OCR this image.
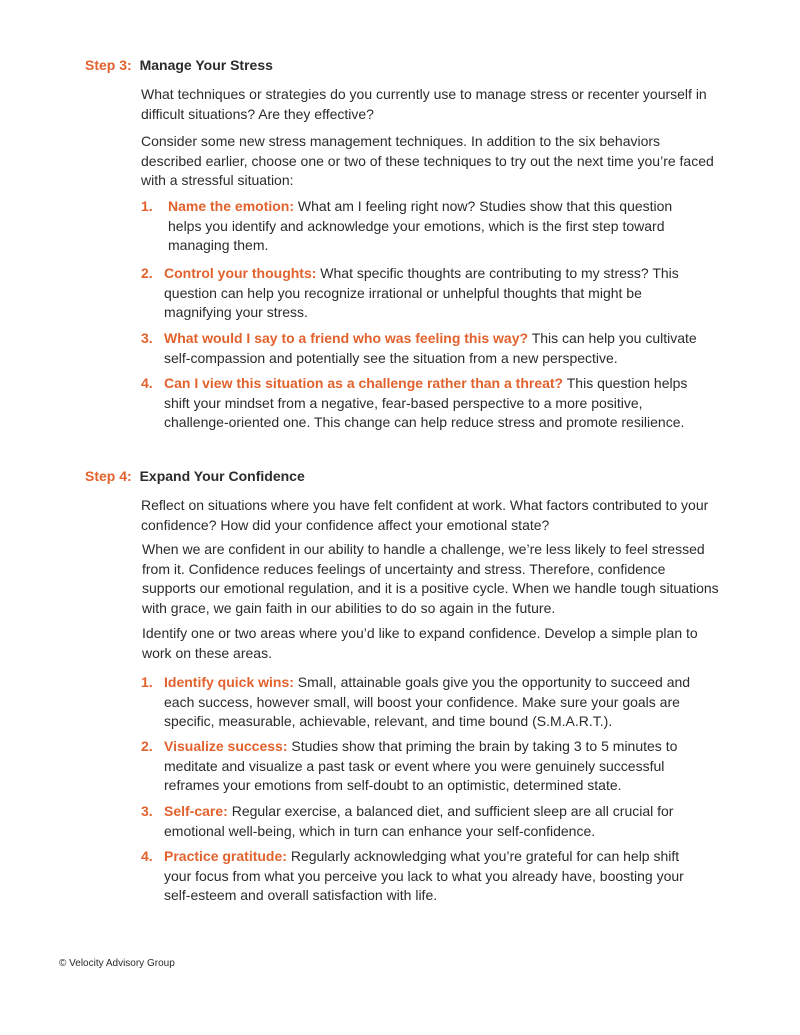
Step 3: Manage Your Stress

What techniques or strategies do you currently use to manage stress or recenter yourself in difficult situations? Are they effective?

Consider some new stress management techniques. In addition to the six behaviors described earlier, choose one or two of these techniques to try out the next time you’re faced with a stressful situation:

1. Name the emotion: What am I feeling right now? Studies show that this question helps you identify and acknowledge your emotions, which is the first step toward managing them.
2. Control your thoughts: What specific thoughts are contributing to my stress? This question can help you recognize irrational or unhelpful thoughts that might be magnifying your stress.
3. What would I say to a friend who was feeling this way? This can help you cultivate self-compassion and potentially see the situation from a new perspective.
4. Can I view this situation as a challenge rather than a threat? This question helps shift your mindset from a negative, fear-based perspective to a more positive, challenge-oriented one. This change can help reduce stress and promote resilience.
Step 4: Expand Your Confidence

Reflect on situations where you have felt confident at work. What factors contributed to your confidence? How did your confidence affect your emotional state?

When we are confident in our ability to handle a challenge, we’re less likely to feel stressed from it. Confidence reduces feelings of uncertainty and stress. Therefore, confidence supports our emotional regulation, and it is a positive cycle. When we handle tough situations with grace, we gain faith in our abilities to do so again in the future.

Identify one or two areas where you’d like to expand confidence. Develop a simple plan to work on these areas.

1. Identify quick wins: Small, attainable goals give you the opportunity to succeed and each success, however small, will boost your confidence. Make sure your goals are specific, measurable, achievable, relevant, and time bound (S.M.A.R.T.).
2. Visualize success: Studies show that priming the brain by taking 3 to 5 minutes to meditate and visualize a past task or event where you were genuinely successful reframes your emotions from self-doubt to an optimistic, determined state.
3. Self-care: Regular exercise, a balanced diet, and sufficient sleep are all crucial for emotional well-being, which in turn can enhance your self-confidence.
4. Practice gratitude: Regularly acknowledging what you’re grateful for can help shift your focus from what you perceive you lack to what you already have, boosting your self-esteem and overall satisfaction with life.
© Velocity Advisory Group
